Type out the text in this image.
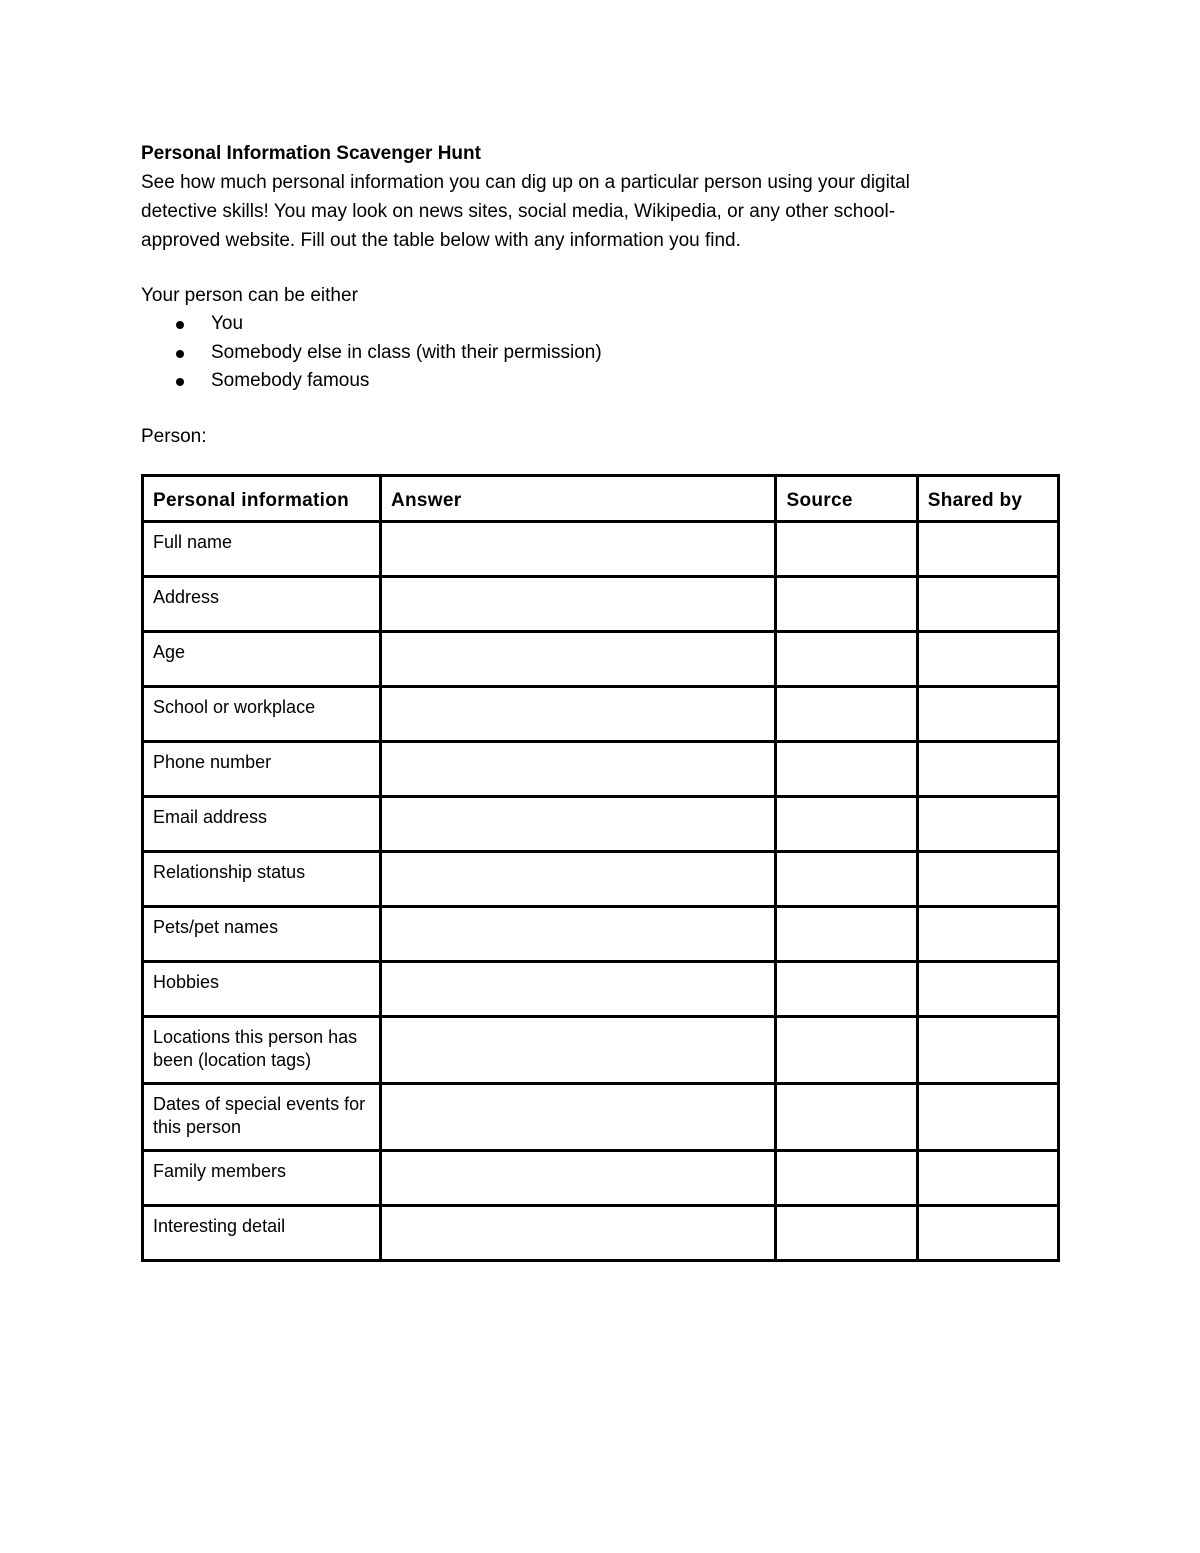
Personal Information Scavenger Hunt

See how much personal information you can dig up on a particular person using your digital
detective skills! You may look on news sites, social media, Wikipedia, or any other school-
approved website. Fill out the table below with any information you find.

Your person can be either

You
Somebody else in class (with their permission)
Somebody famous

Person:

Personal information	Answer	Source	Shared by
Full name			
Address			
Age			
School or workplace			
Phone number			
Email address			
Relationship status			
Pets/pet names			
Hobbies			
Locations this person has been (location tags)			
Dates of special events for this person			
Family members			
Interesting detail			
